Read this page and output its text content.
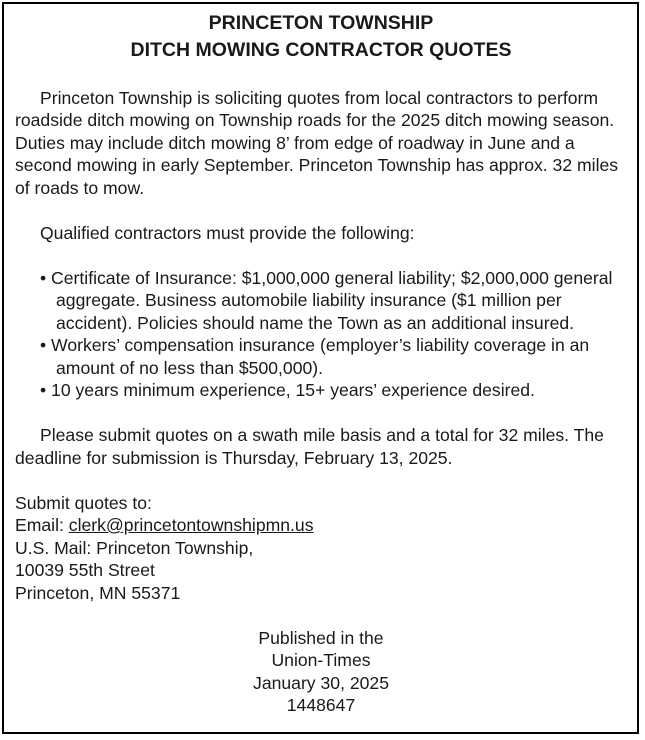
PRINCETON TOWNSHIP
DITCH MOWING CONTRACTOR QUOTES

Princeton Township is soliciting quotes from local contractors to perform roadside ditch mowing on Township roads for the 2025 ditch mowing season. Duties may include ditch mowing 8’ from edge of roadway in June and a second mowing in early September. Princeton Township has approx. 32 miles of roads to mow.

Qualified contractors must provide the following:

• Certificate of Insurance: $1,000,000 general liability; $2,000,000 general aggregate. Business automobile liability insurance ($1 million per accident). Policies should name the Town as an additional insured.
• Workers’ compensation insurance (employer’s liability coverage in an amount of no less than $500,000).
• 10 years minimum experience, 15+ years’ experience desired.

Please submit quotes on a swath mile basis and a total for 32 miles. The deadline for submission is Thursday, February 13, 2025.

Submit quotes to:
Email: clerk@princetontownshipmn.us
U.S. Mail: Princeton Township,
10039 55th Street
Princeton, MN 55371
Published in the
Union-Times
January 30, 2025
1448647
